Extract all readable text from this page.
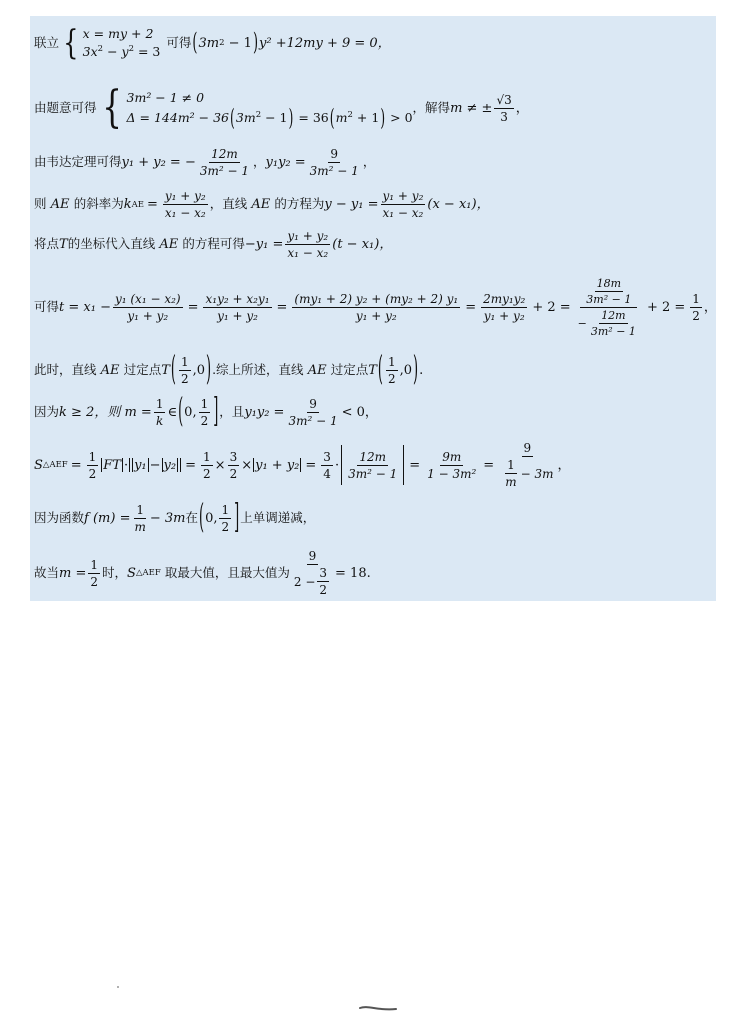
联立 { x = my + 2
$3x^2 - y^2 = 3$
可得 ( 3m 2 − 1 ) y² +12my + 9 = 0，
由题意可得 { 3m² − 1 ≠ 0
$\Delta = 144m^2 - 36(3m^2 - 1) = 36(m^2 + 1) > 0$
，解得 m ≠ ± $\frac{√3}{3}$ ，
由韦达定理可得 y₁ + y₂ = − $\frac{12m}{\text{3m² − 1}}$ ， $y_1y_2 = \frac{9}{\text{3m² − 1}}$ ，
则
AE
的斜率为 k AE = $\frac{\text{y₁ + y₂}}{\text{x₁ − x₂}}$ ，直线
AE
的方程为 $y - y_1 = \frac{\text{y₁ + y₂}}{\text{x₁ − x₂}} (x - x_1)$，
将点 T 的坐标代入直线
AE
的方程可得 $-y_1 = \frac{\text{y₁ + y₂}}{\text{x₁ − x₂}} (t - x_1)$，
可得 $t = x_1 - \frac{\text{y₁ (x₁ − x₂)}}{\text{y₁ + y₂}} = \frac{\text{x₁y₂ + x₂y₁}}{\text{y₁ + y₂}} = \frac{\text{(my₁ + 2) y₂ + (my₂ + 2) y₁}}{\text{y₁ + y₂}} = \frac{\text{2my₁y₂}}{\text{y₁ + y₂}} + 2 = \frac{\frac{18m}{\text{3m² − 1}}}{- \frac{12m}{\text{3m² − 1}}} + 2 = \frac{1}{2}$ ，
此时，直线
AE
过定点 T ( $\frac{1}{2} ,0$ ) .综上所述，直线
AE
过定点 T ( $\frac{1}{2} ,0$ ) .
因为 k ≥ 2，则
$m = \frac{1}{k}$ ∈ ( 0, $\frac{1}{2}$ ] ，且 $y_1y_2 = \frac{9}{\text{3m² − 1}} < 0$，
S △AEF = $\frac{1}{2}$ FT · $y_1 - y_2 = \frac{1}{2} \times \frac{3}{2} \times y_1 + y_2 = \frac{3}{4} \cdot \frac{12m}{\text{3m² − 1}} = \frac{9m}{\text{1 − 3m²}} = \frac{9}{\frac{1}{m} - 3m}$ ，
因为函数 f $(m) = \frac{1}{m} - 3m$ 在 ( 0, $\frac{1}{2}$ ] 上单调递减，
故当 $m = \frac{1}{2}$ 时， S △AEF
取最大值，且最大值为 $\frac{9}{2 - \frac{3}{2}} = 18$ .
